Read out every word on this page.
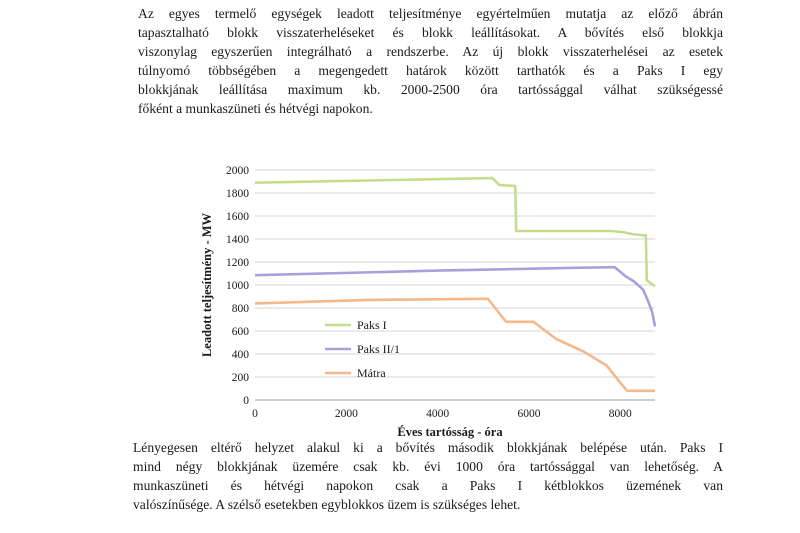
Az egyes termelő egységek leadott teljesítménye egyértelműen mutatja az előző ábrán
tapasztalható blokk visszaterheléseket és blokk leállításokat. A bővítés első blokkja
viszonylag egyszerűen integrálható a rendszerbe. Az új blokk visszaterhelései az esetek
túlnyomó többségében a megengedett határok között tarthatók és a Paks I egy
blokkjának leállítása maximum kb. 2000-2500 óra tartóssággal válhat szükségessé
főként a munkaszüneti és hétvégi napokon.
0
200
400
600
800
1000
1200
1400
1600
1800
2000
0	2000	4000	6000	8000
Leadott teljesítmény - MW
Éves tartósság - óra
Paks I
Paks II/1
Mátra
Lényegesen eltérő helyzet alakul ki a bővítés második blokkjának belépése után. Paks I
mind négy blokkjának üzemére csak kb. évi 1000 óra tartóssággal van lehetőség. A
munkaszüneti és hétvégi napokon csak a Paks I kétblokkos üzemének van
valószínűsége. A szélső esetekben egyblokkos üzem is szükséges lehet.
